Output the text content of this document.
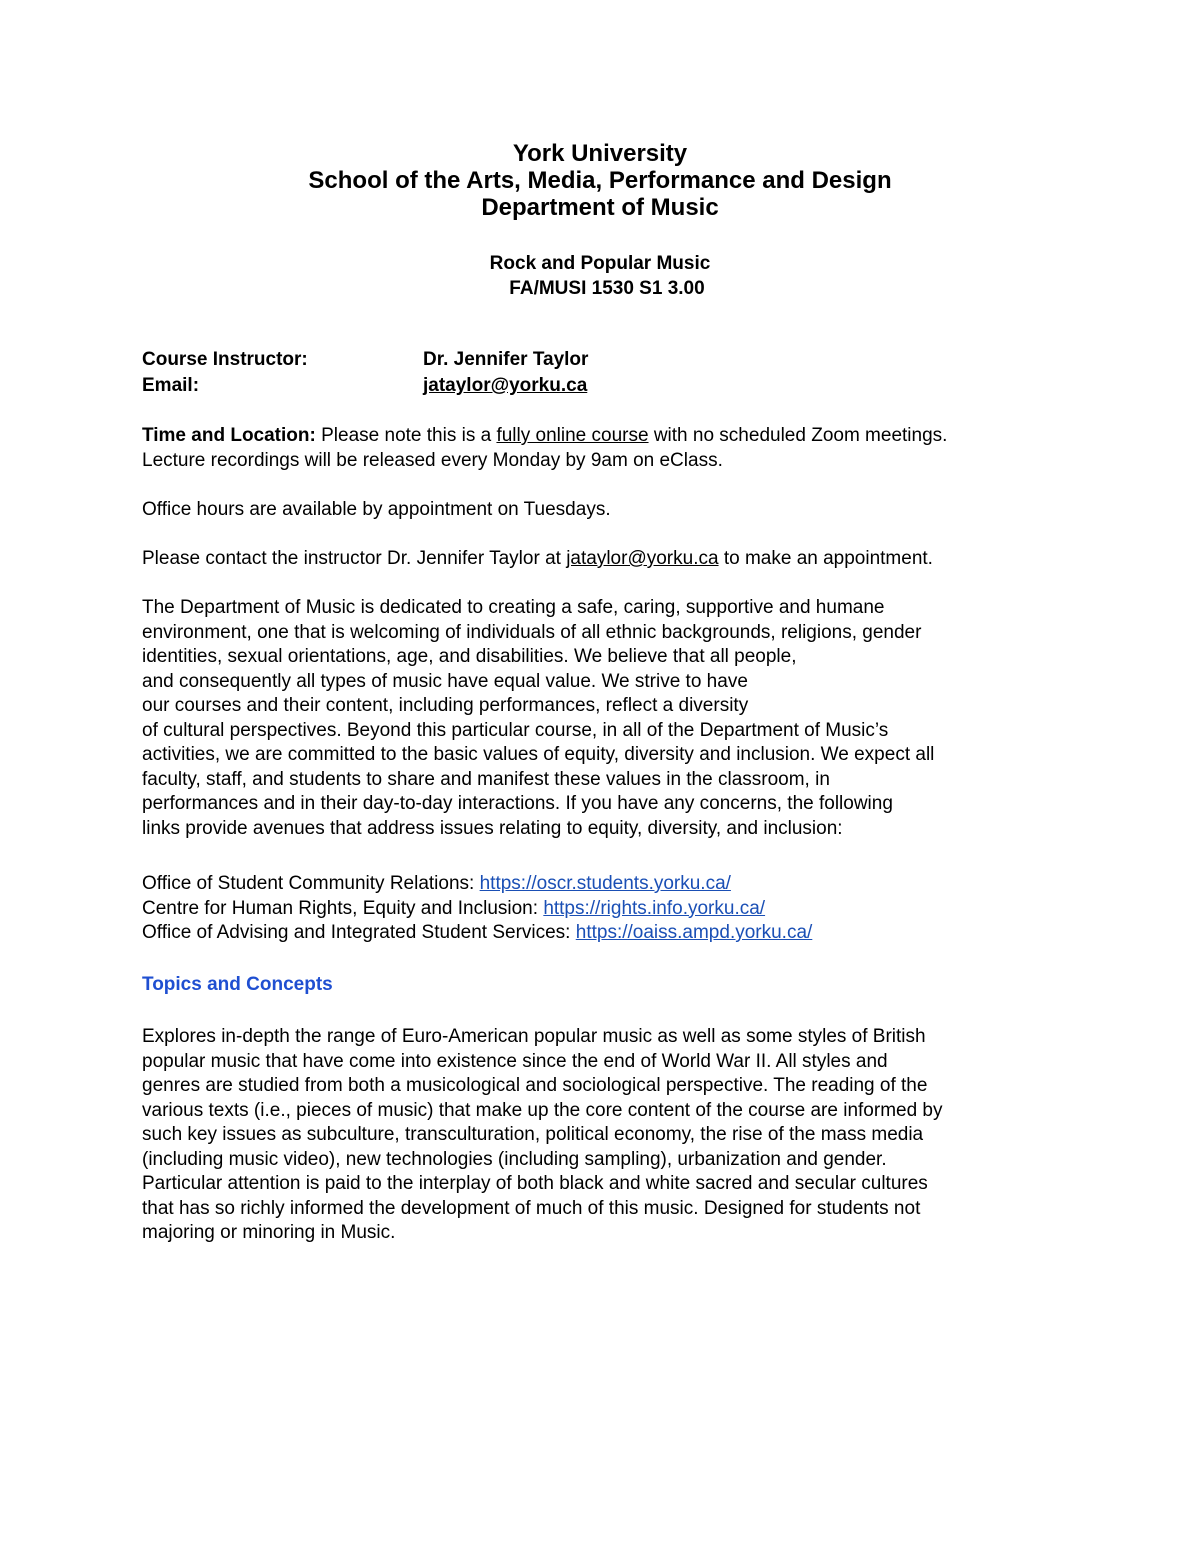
York University
School of the Arts, Media, Performance and Design
Department of Music
Rock and Popular Music
FA/MUSI 1530 S1 3.00
Course Instructor:	Dr. Jennifer Taylor
Email:	jataylor@yorku.ca
Time and Location: Please note this is a fully online course with no scheduled Zoom meetings.
Lecture recordings will be released every Monday by 9am on eClass.
Office hours are available by appointment on Tuesdays.
Please contact the instructor Dr. Jennifer Taylor at jataylor@yorku.ca to make an appointment.
The Department of Music is dedicated to creating a safe, caring, supportive and humane
environment, one that is welcoming of individuals of all ethnic backgrounds, religions, gender
identities, sexual orientations, age, and disabilities. We believe that all people,
and consequently all types of music have equal value. We strive to have
our courses and their content, including performances, reflect a diversity
of cultural perspectives. Beyond this particular course, in all of the Department of Music’s
activities, we are committed to the basic values of equity, diversity and inclusion. We expect all
faculty, staff, and students to share and manifest these values in the classroom, in
performances and in their day-to-day interactions. If you have any concerns, the following
links provide avenues that address issues relating to equity, diversity, and inclusion:
Office of Student Community Relations: https://oscr.students.yorku.ca/
Centre for Human Rights, Equity and Inclusion: https://rights.info.yorku.ca/
Office of Advising and Integrated Student Services: https://oaiss.ampd.yorku.ca/
Topics and Concepts
Explores in-depth the range of Euro-American popular music as well as some styles of British
popular music that have come into existence since the end of World War II. All styles and
genres are studied from both a musicological and sociological perspective. The reading of the
various texts (i.e., pieces of music) that make up the core content of the course are informed by
such key issues as subculture, transculturation, political economy, the rise of the mass media
(including music video), new technologies (including sampling), urbanization and gender.
Particular attention is paid to the interplay of both black and white sacred and secular cultures
that has so richly informed the development of much of this music. Designed for students not
majoring or minoring in Music.
